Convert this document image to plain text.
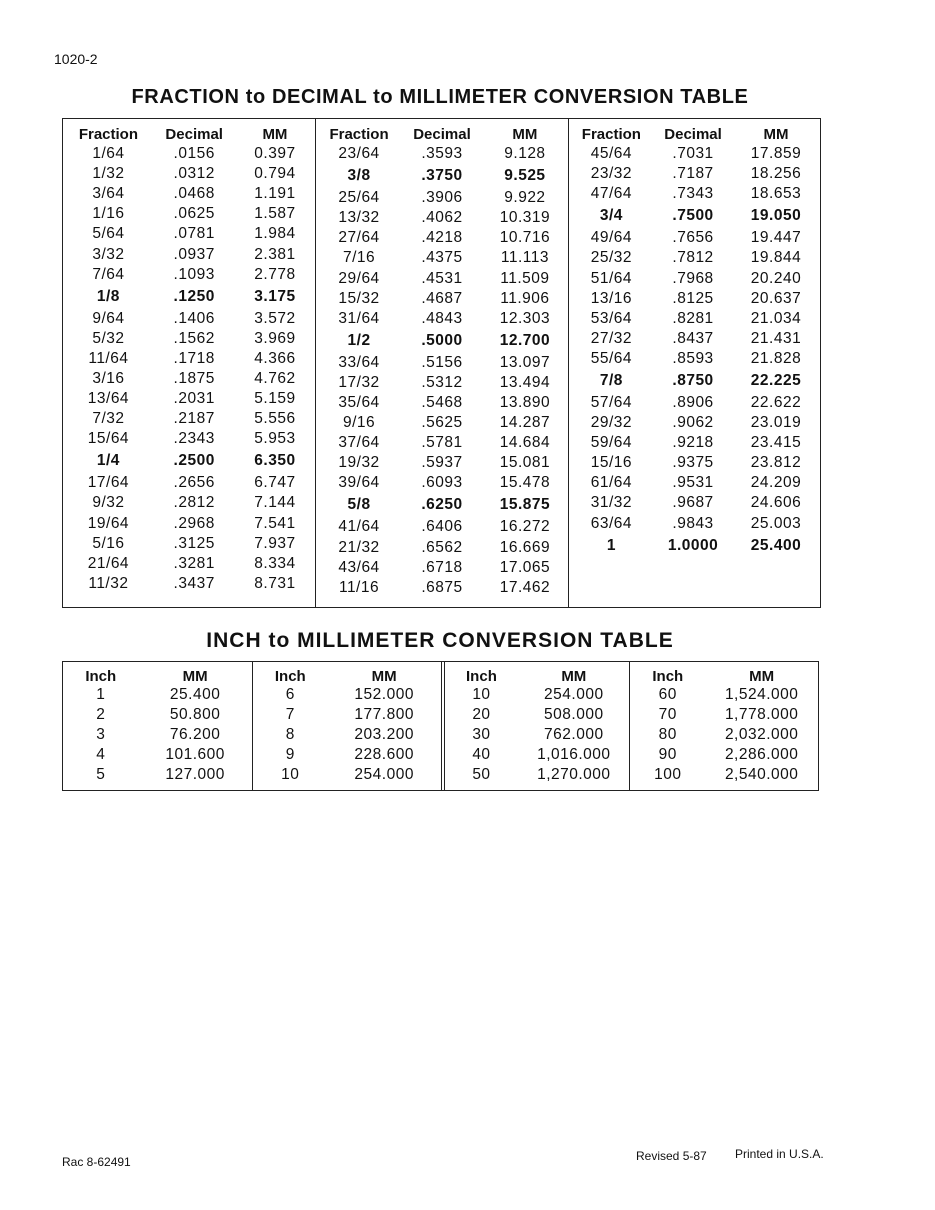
1020-2
FRACTION to DECIMAL to MILLIMETER CONVERSION TABLE
Fraction	Decimal	MM
1/64	.0156	0.397
1/32	.0312	0.794
3/64	.0468	1.191
1/16	.0625	1.587
5/64	.0781	1.984
3/32	.0937	2.381
7/64	.1093	2.778
1/8	.1250	3.175
9/64	.1406	3.572
5/32	.1562	3.969
11/64	.1718	4.366
3/16	.1875	4.762
13/64	.2031	5.159
7/32	.2187	5.556
15/64	.2343	5.953
1/4	.2500	6.350
17/64	.2656	6.747
9/32	.2812	7.144
19/64	.2968	7.541
5/16	.3125	7.937
21/64	.3281	8.334
11/32	.3437	8.731
Fraction	Decimal	MM
23/64	.3593	9.128
3/8	.3750	9.525
25/64	.3906	9.922
13/32	.4062	10.319
27/64	.4218	10.716
7/16	.4375	11.113
29/64	.4531	11.509
15/32	.4687	11.906
31/64	.4843	12.303
1/2	.5000	12.700
33/64	.5156	13.097
17/32	.5312	13.494
35/64	.5468	13.890
9/16	.5625	14.287
37/64	.5781	14.684
19/32	.5937	15.081
39/64	.6093	15.478
5/8	.6250	15.875
41/64	.6406	16.272
21/32	.6562	16.669
43/64	.6718	17.065
11/16	.6875	17.462
Fraction	Decimal	MM
45/64	.7031	17.859
23/32	.7187	18.256
47/64	.7343	18.653
3/4	.7500	19.050
49/64	.7656	19.447
25/32	.7812	19.844
51/64	.7968	20.240
13/16	.8125	20.637
53/64	.8281	21.034
27/32	.8437	21.431
55/64	.8593	21.828
7/8	.8750	22.225
57/64	.8906	22.622
29/32	.9062	23.019
59/64	.9218	23.415
15/16	.9375	23.812
61/64	.9531	24.209
31/32	.9687	24.606
63/64	.9843	25.003
1	1.0000	25.400
INCH to MILLIMETER CONVERSION TABLE
Inch	MM
1	25.400
2	50.800
3	76.200
4	101.600
5	127.000
Inch	MM
6	152.000
7	177.800
8	203.200
9	228.600
10	254.000
Inch	MM
10	254.000
20	508.000
30	762.000
40	1,016.000
50	1,270.000
Inch	MM
60	1,524.000
70	1,778.000
80	2,032.000
90	2,286.000
100	2,540.000
Rac 8-62491	Revised 5-87 Printed in U.S.A.
